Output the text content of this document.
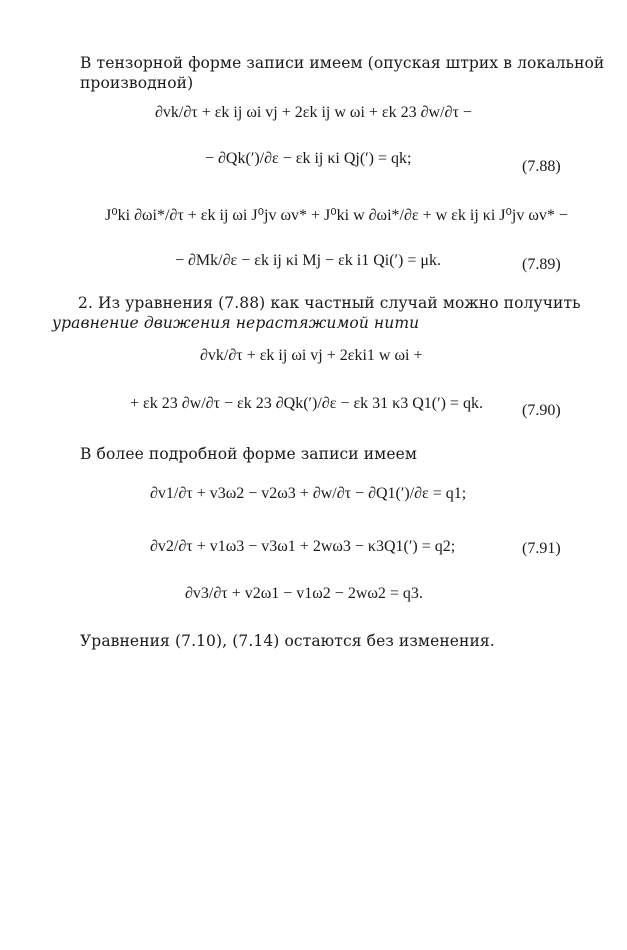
В тензорной форме записи имеем (опуская штрих в локальной
производной)
∂vk/∂τ + εk ij ωi vj + 2εk ij w ωi + εk 23 ∂w/∂τ −
− ∂Qk(′)/∂ε − εk ij κi Qj(′) = qk;	(7.88)
J⁰ki ∂ωi*/∂τ + εk ij ωi J⁰jv ωv* + J⁰ki w ∂ωi*/∂ε + w εk ij κi J⁰jv ωv* −
− ∂Mk/∂ε − εk ij κi Mj − εk i1 Qi(′) = μk.	(7.89)
2. Из уравнения (7.88) как частный случай можно получить
уравнение движения нерастяжимой нити
∂vk/∂τ + εk ij ωi vj + 2εki1 w ωi +
+ εk 23 ∂w/∂τ − εk 23 ∂Qk(′)/∂ε − εk 31 κ3 Q1(′) = qk. (7.90)
В более подробной форме записи имеем
∂v1/∂τ + v3ω2 − v2ω3 + ∂w/∂τ − ∂Q1(′)/∂ε = q1;
∂v2/∂τ + v1ω3 − v3ω1 + 2wω3 − κ3Q1(′) = q2;	(7.91)
∂v3/∂τ + v2ω1 − v1ω2 − 2wω2 = q3.
Уравнения (7.10), (7.14) остаются без изменения.
